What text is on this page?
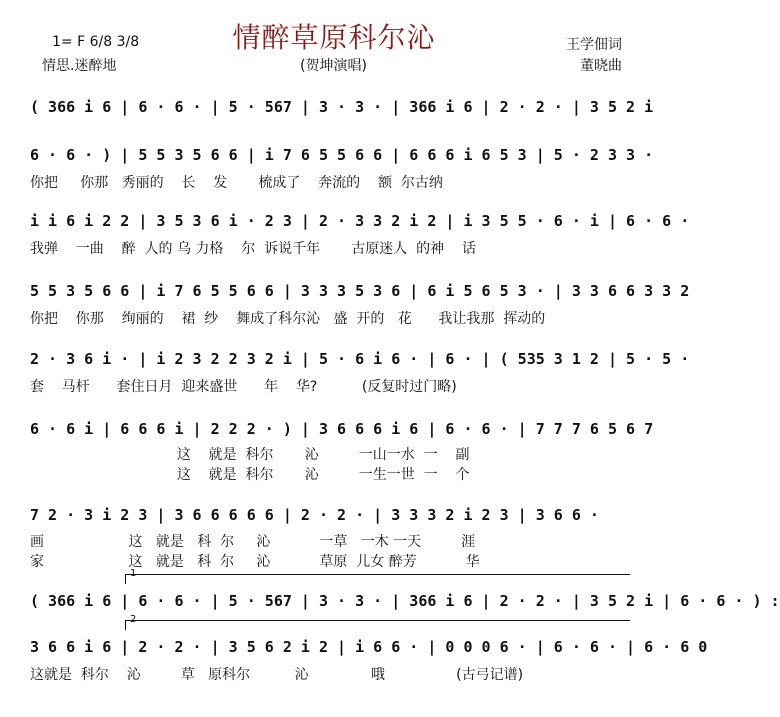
情醉草原科尔沁
1= F 6/8 3/8
情思.迷醉地	(贺坤演唱)
王学佃词
董晓曲
( 366 i 6 | 6 · 6 · | 5 · 567 | 3 · 3 · | 366 i 6 | 2 · 2 · | 3 5 2 i
6 · 6 · ) | 5 5 3 5 6 6 | i 7 6 5 5 6 6 | 6 6 6 i 6 5 3 | 5 · 2 3 3 ·
你把     你那   秀丽的    长    发       梳成了    奔流的    额  尔古纳
i i 6 i 2 2 | 3 5 3 6 i · 2 3 | 2 · 3 3 2 i 2 | i 3 5 5 · 6 · i | 6 · 6 ·
我弹    一曲    醉  人的 乌 力格    尔  诉说千年       古原迷人  的神    话
5 5 3 5 6 6 | i 7 6 5 5 6 6 | 3 3 3 5 3 6 | 6 i 5 6 5 3 · | 3 3 6 6 3 3 2
你把    你那    绚丽的    裙  纱    舞成了科尔沁   盛  开的   花      我让我那  挥动的
2 · 3 6 i · | i 2 3 2 2 3 2 i | 5 · 6 i 6 · | 6 · | ( 535 3 1 2 | 5 · 5 ·
套    马杆      套住日月  迎来盛世      年    华?          (反复时过门略)
6 · 6 i | 6 6 6 i | 2 2 2 · ) | 3 6 6 6 i 6 | 6 · 6 · | 7 7 7 6 5 6 7
这    就是  科尔       沁         一山一水  一    副
这    就是  科尔       沁         一生一世  一    个
7 2 · 3 i 2 3 | 3 6 6 6 6 6 | 2 · 2 · | 3 3 3 2 i 2 3 | 3 6 6 ·
画                   这   就是   科  尔     沁           一草   一木 一天         涯
家                   这   就是   科  尔     沁           草原  儿女 醉芳           华
1
( 366 i 6 | 6 · 6 · | 5 · 567 | 3 · 3 · | 366 i 6 | 2 · 2 · | 3 5 2 i | 6 · 6 · ) :
2
3 6 6 i 6 | 2 · 2 · | 3 5 6 2 i 2 | i 6 6 · | 0 0 0 6 · | 6 · 6 · | 6 · 6 0
这就是  科尔    沁         草   原科尔          沁              哦                (古弓记谱)
